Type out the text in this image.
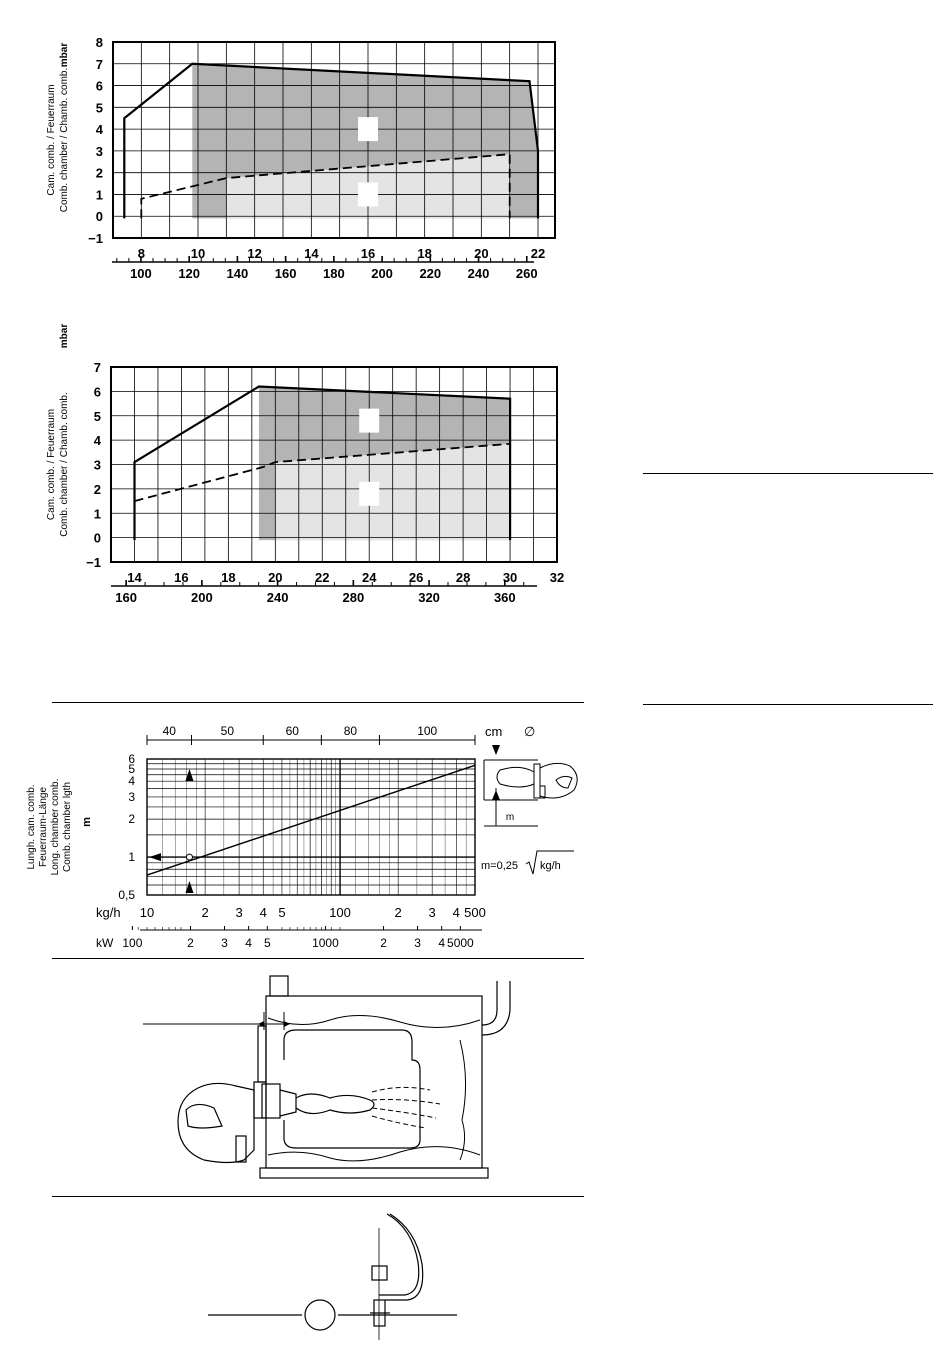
8
7
6
5
4
3
2
1
0
−1
8	10	12	14	16	18	20	22
100 120 140 160 180 200 220 240 260
Cam. comb. / Feuerraum Comb. chamber / Chamb. comb.
mbar
7
6
5
4
3
2
1
0
−1
14 16 18 20 22 24 26 28 30 32
160	200	240	280	320	360
Cam. comb. / Feuerraum Comb. chamber / Chamb. comb.
mbar
6
5
4
3
2
1
0,5
10	2 3 4 5	100	2 3 4 500
kg/h
100	2 3 4 5	1000	2 3 4 5000
kW
40	50	60	80	100	cm ∅
Lungh. cam. comb. Feuerraum-Länge Long. chamber comb. Comb. chamber lgth m
m=0,25 kg/h
m
